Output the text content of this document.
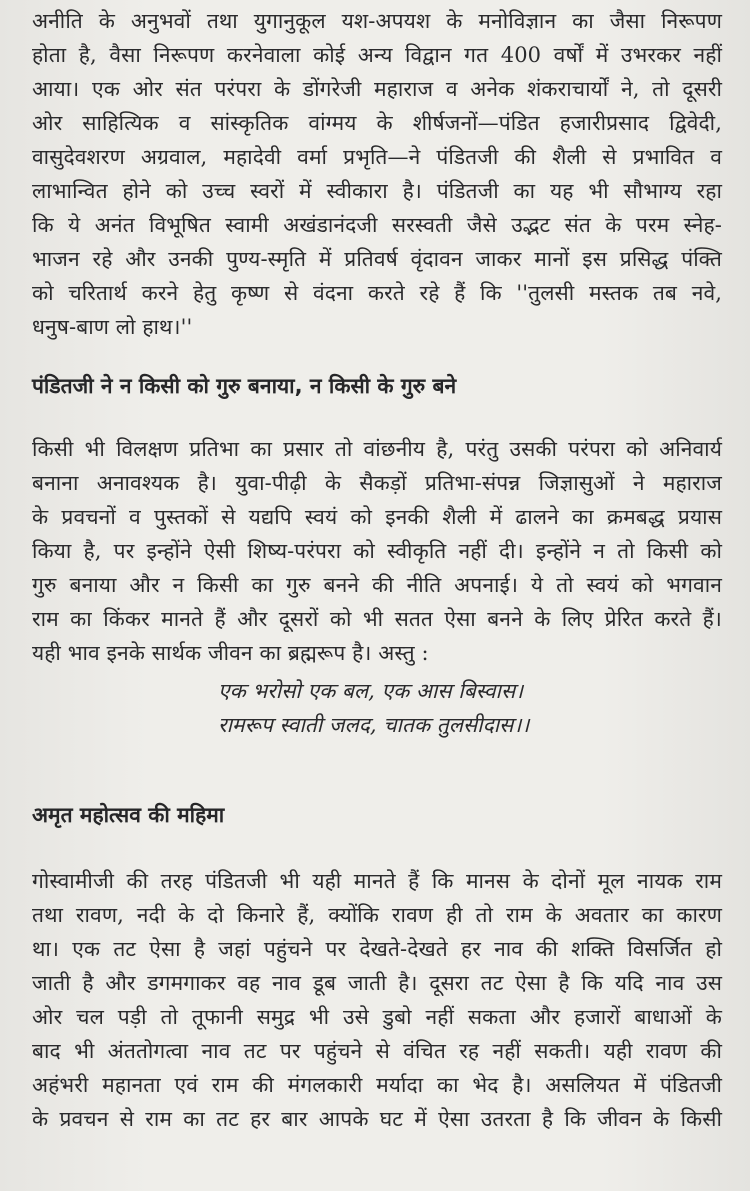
अनीति के अनुभवों तथा युगानुकूल यश-अपयश के मनोविज्ञान का जैसा निरूपण
होता है, वैसा निरूपण करनेवाला कोई अन्य विद्वान गत 400 वर्षों में उभरकर नहीं
आया। एक ओर संत परंपरा के डोंगरेजी महाराज व अनेक शंकराचार्यों ने, तो दूसरी
ओर साहित्यिक व सांस्कृतिक वांग्मय के शीर्षजनों—पंडित हजारीप्रसाद द्विवेदी,
वासुदेवशरण अग्रवाल, महादेवी वर्मा प्रभृति—ने पंडितजी की शैली से प्रभावित व
लाभान्वित होने को उच्च स्वरों में स्वीकारा है। पंडितजी का यह भी सौभाग्य रहा
कि ये अनंत विभूषित स्वामी अखंडानंदजी सरस्वती जैसे उद्भट संत के परम स्नेह-
भाजन रहे और उनकी पुण्य-स्मृति में प्रतिवर्ष वृंदावन जाकर मानों इस प्रसिद्ध पंक्ति
को चरितार्थ करने हेतु कृष्ण से वंदना करते रहे हैं कि ''तुलसी मस्तक तब नवे,
धनुष-बाण लो हाथ।''
पंडितजी ने न किसी को गुरु बनाया, न किसी के गुरु बने
किसी भी विलक्षण प्रतिभा का प्रसार तो वांछनीय है, परंतु उसकी परंपरा को अनिवार्य
बनाना अनावश्यक है। युवा-पीढ़ी के सैकड़ों प्रतिभा-संपन्न जिज्ञासुओं ने महाराज
के प्रवचनों व पुस्तकों से यद्यपि स्वयं को इनकी शैली में ढालने का क्रमबद्ध प्रयास
किया है, पर इन्होंने ऐसी शिष्य-परंपरा को स्वीकृति नहीं दी। इन्होंने न तो किसी को
गुरु बनाया और न किसी का गुरु बनने की नीति अपनाई। ये तो स्वयं को भगवान
राम का किंकर मानते हैं और दूसरों को भी सतत ऐसा बनने के लिए प्रेरित करते हैं।
यही भाव इनके सार्थक जीवन का ब्रह्मरूप है। अस्तु :
एक भरोसो एक बल, एक आस बिस्वास।
रामरूप स्वाती जलद, चातक तुलसीदास।।
अमृत महोत्सव की महिमा
गोस्वामीजी की तरह पंडितजी भी यही मानते हैं कि मानस के दोनों मूल नायक राम
तथा रावण, नदी के दो किनारे हैं, क्योंकि रावण ही तो राम के अवतार का कारण
था। एक तट ऐसा है जहां पहुंचने पर देखते-देखते हर नाव की शक्ति विसर्जित हो
जाती है और डगमगाकर वह नाव डूब जाती है। दूसरा तट ऐसा है कि यदि नाव उस
ओर चल पड़ी तो तूफानी समुद्र भी उसे डुबो नहीं सकता और हजारों बाधाओं के
बाद भी अंततोगत्वा नाव तट पर पहुंचने से वंचित रह नहीं सकती। यही रावण की
अहंभरी महानता एवं राम की मंगलकारी मर्यादा का भेद है। असलियत में पंडितजी
के प्रवचन से राम का तट हर बार आपके घट में ऐसा उतरता है कि जीवन के किसी
